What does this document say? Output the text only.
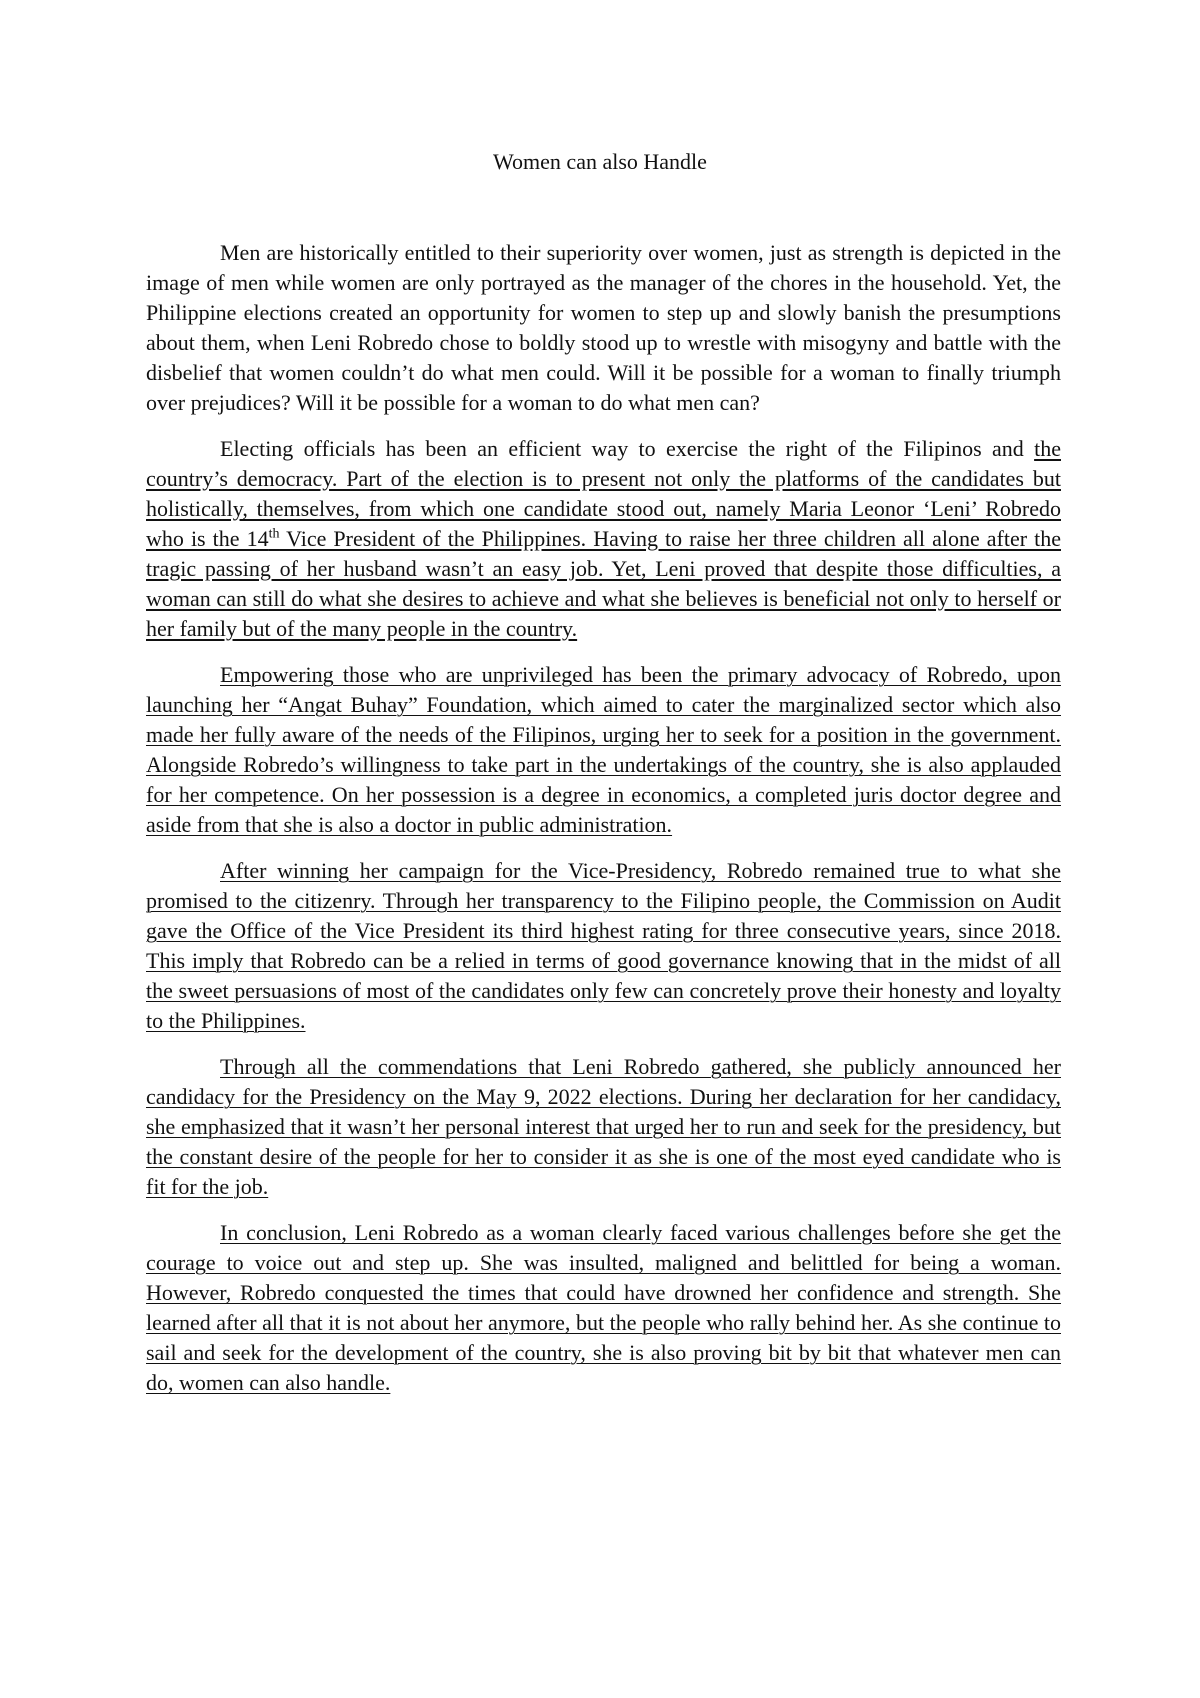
Women can also Handle

Men are historically entitled to their superiority over women, just as strength is depicted in the image of men while women are only portrayed as the manager of the chores in the household. Yet, the Philippine elections created an opportunity for women to step up and slowly banish the presumptions about them, when Leni Robredo chose to boldly stood up to wrestle with misogyny and battle with the disbelief that women couldn’t do what men could. Will it be possible for a woman to finally triumph over prejudices? Will it be possible for a woman to do what men can?

Electing officials has been an efficient way to exercise the right of the Filipinos and the country’s democracy. Part of the election is to present not only the platforms of the candidates but holistically, themselves, from which one candidate stood out, namely Maria Leonor ‘Leni’ Robredo who is the 14th Vice President of the Philippines. Having to raise her three children all alone after the tragic passing of her husband wasn’t an easy job. Yet, Leni proved that despite those difficulties, a woman can still do what she desires to achieve and what she believes is beneficial not only to herself or her family but of the many people in the country.

Empowering those who are unprivileged has been the primary advocacy of Robredo, upon launching her “Angat Buhay” Foundation, which aimed to cater the marginalized sector which also made her fully aware of the needs of the Filipinos, urging her to seek for a position in the government. Alongside Robredo’s willingness to take part in the undertakings of the country, she is also applauded for her competence. On her possession is a degree in economics, a completed juris doctor degree and aside from that she is also a doctor in public administration.

After winning her campaign for the Vice-Presidency, Robredo remained true to what she promised to the citizenry. Through her transparency to the Filipino people, the Commission on Audit gave the Office of the Vice President its third highest rating for three consecutive years, since 2018. This imply that Robredo can be a relied in terms of good governance knowing that in the midst of all the sweet persuasions of most of the candidates only few can concretely prove their honesty and loyalty to the Philippines.

Through all the commendations that Leni Robredo gathered, she publicly announced her candidacy for the Presidency on the May 9, 2022 elections. During her declaration for her candidacy, she emphasized that it wasn’t her personal interest that urged her to run and seek for the presidency, but the constant desire of the people for her to consider it as she is one of the most eyed candidate who is fit for the job.

In conclusion, Leni Robredo as a woman clearly faced various challenges before she get the courage to voice out and step up. She was insulted, maligned and belittled for being a woman. However, Robredo conquested the times that could have drowned her confidence and strength. She learned after all that it is not about her anymore, but the people who rally behind her. As she continue to sail and seek for the development of the country, she is also proving bit by bit that whatever men can do, women can also handle.
